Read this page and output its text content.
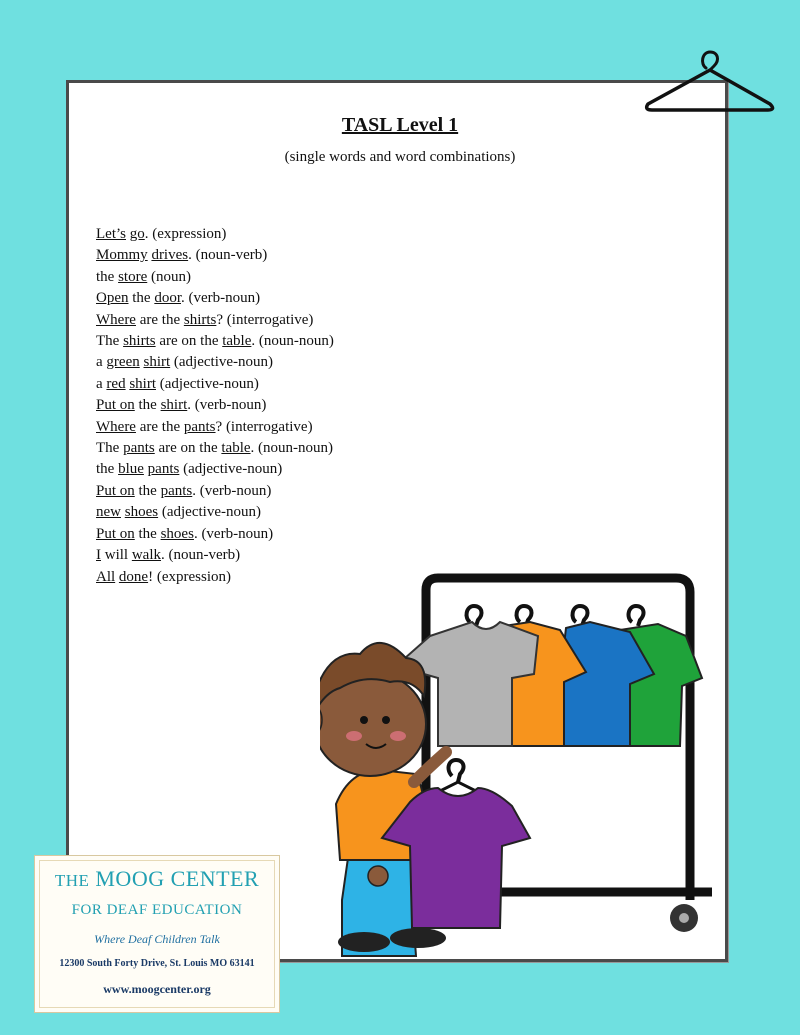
TASL Level 1
(single words and word combinations)
Let’s go. (expression)
Mommy drives. (noun-verb)
the store (noun)
Open the door. (verb-noun)
Where are the shirts? (interrogative)
The shirts are on the table. (noun-noun)
a green shirt (adjective-noun)
a red shirt (adjective-noun)
Put on the shirt. (verb-noun)
Where are the pants? (interrogative)
The pants are on the table. (noun-noun)
the blue pants (adjective-noun)
Put on the pants. (verb-noun)
new shoes (adjective-noun)
Put on the shoes. (verb-noun)
I will walk. (noun-verb)
All done! (expression)
THE MOOG CENTER
FOR DEAF EDUCATION
Where Deaf Children Talk
12300 South Forty Drive, St. Louis MO 63141
www.moogcenter.org
